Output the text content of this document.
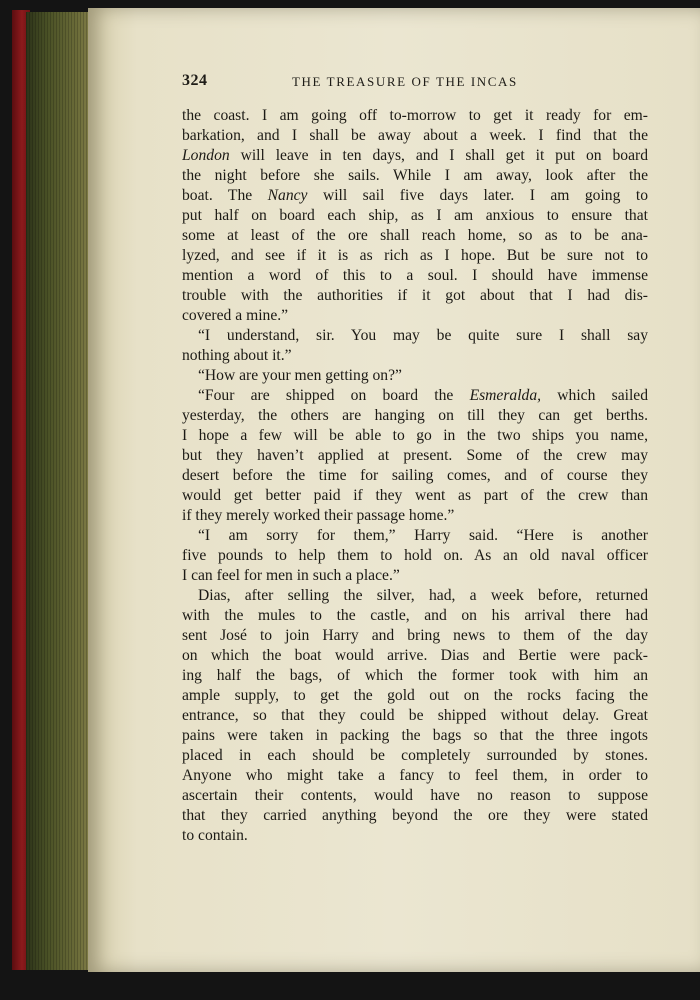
324	THE TREASURE OF THE INCAS
the coast. I am going off to-morrow to get it ready for em-
barkation, and I shall be away about a week. I find that the
London will leave in ten days, and I shall get it put on board
the night before she sails. While I am away, look after the
boat. The Nancy will sail five days later. I am going to
put half on board each ship, as I am anxious to ensure that
some at least of the ore shall reach home, so as to be ana-
lyzed, and see if it is as rich as I hope. But be sure not to
mention a word of this to a soul. I should have immense
trouble with the authorities if it got about that I had dis-
covered a mine.”
“I understand, sir. You may be quite sure I shall say
nothing about it.”
“How are your men getting on?”
“Four are shipped on board the Esmeralda, which sailed
yesterday, the others are hanging on till they can get berths.
I hope a few will be able to go in the two ships you name,
but they haven’t applied at present. Some of the crew may
desert before the time for sailing comes, and of course they
would get better paid if they went as part of the crew than
if they merely worked their passage home.”
“I am sorry for them,” Harry said. “Here is another
five pounds to help them to hold on. As an old naval officer
I can feel for men in such a place.”
Dias, after selling the silver, had, a week before, returned
with the mules to the castle, and on his arrival there had
sent José to join Harry and bring news to them of the day
on which the boat would arrive. Dias and Bertie were pack-
ing half the bags, of which the former took with him an
ample supply, to get the gold out on the rocks facing the
entrance, so that they could be shipped without delay. Great
pains were taken in packing the bags so that the three ingots
placed in each should be completely surrounded by stones.
Anyone who might take a fancy to feel them, in order to
ascertain their contents, would have no reason to suppose
that they carried anything beyond the ore they were stated
to contain.
